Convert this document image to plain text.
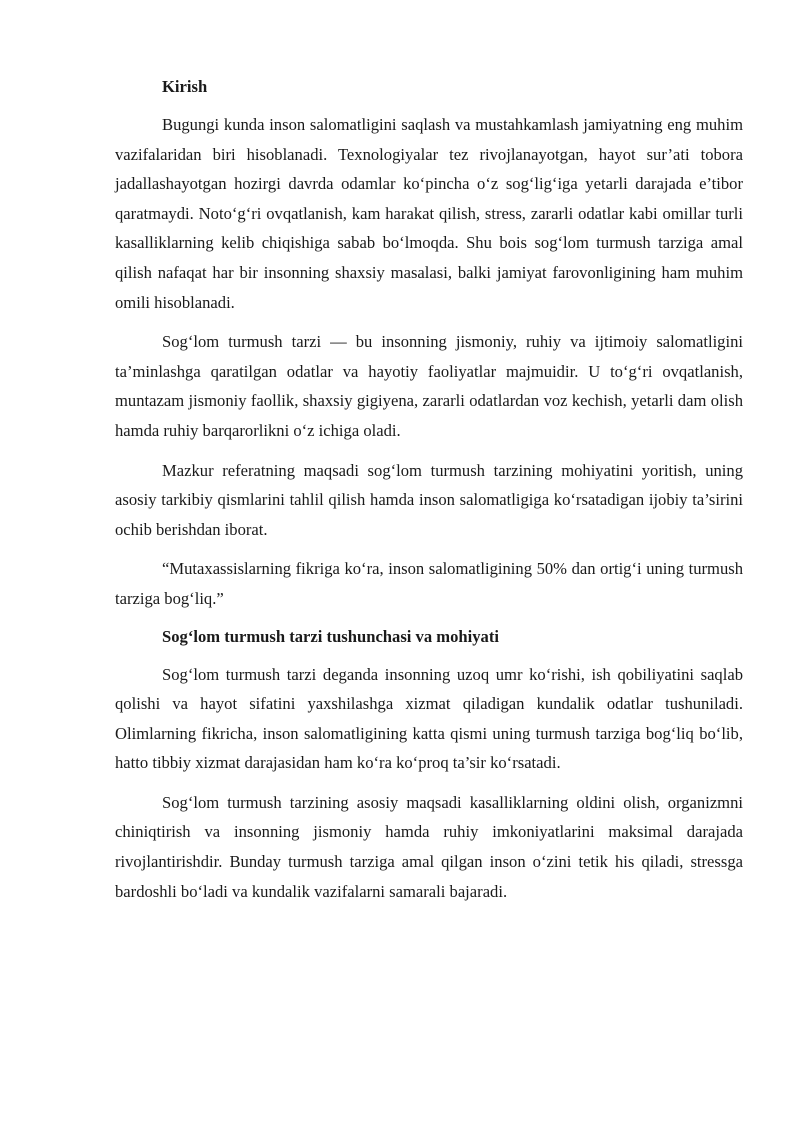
Kirish

Bugungi kunda inson salomatligini saqlash va mustahkamlash jamiyatning eng muhim vazifalaridan biri hisoblanadi. Texnologiyalar tez rivojlanayotgan, hayot sur’ati tobora jadallashayotgan hozirgi davrda odamlar ko‘pincha o‘z sog‘lig‘iga yetarli darajada e’tibor qaratmaydi. Noto‘g‘ri ovqatlanish, kam harakat qilish, stress, zararli odatlar kabi omillar turli kasalliklarning kelib chiqishiga sabab bo‘lmoqda. Shu bois sog‘lom turmush tarziga amal qilish nafaqat har bir insonning shaxsiy masalasi, balki jamiyat farovonligining ham muhim omili hisoblanadi.

Sog‘lom turmush tarzi — bu insonning jismoniy, ruhiy va ijtimoiy salomatligini ta’minlashga qaratilgan odatlar va hayotiy faoliyatlar majmuidir. U to‘g‘ri ovqatlanish, muntazam jismoniy faollik, shaxsiy gigiyena, zararli odatlardan voz kechish, yetarli dam olish hamda ruhiy barqarorlikni o‘z ichiga oladi.

Mazkur referatning maqsadi sog‘lom turmush tarzining mohiyatini yoritish, uning asosiy tarkibiy qismlarini tahlil qilish hamda inson salomatligiga ko‘rsatadigan ijobiy ta’sirini ochib berishdan iborat.

“Mutaxassislarning fikriga ko‘ra, inson salomatligining 50% dan ortig‘i uning turmush tarziga bog‘liq.”

Sog‘lom turmush tarzi tushunchasi va mohiyati

Sog‘lom turmush tarzi deganda insonning uzoq umr ko‘rishi, ish qobiliyatini saqlab qolishi va hayot sifatini yaxshilashga xizmat qiladigan kundalik odatlar tushuniladi. Olimlarning fikricha, inson salomatligining katta qismi uning turmush tarziga bog‘liq bo‘lib, hatto tibbiy xizmat darajasidan ham ko‘ra ko‘proq ta’sir ko‘rsatadi.

Sog‘lom turmush tarzining asosiy maqsadi kasalliklarning oldini olish, organizmni chiniqtirish va insonning jismoniy hamda ruhiy imkoniyatlarini maksimal darajada rivojlantirishdir. Bunday turmush tarziga amal qilgan inson o‘zini tetik his qiladi, stressga bardoshli bo‘ladi va kundalik vazifalarni samarali bajaradi.
